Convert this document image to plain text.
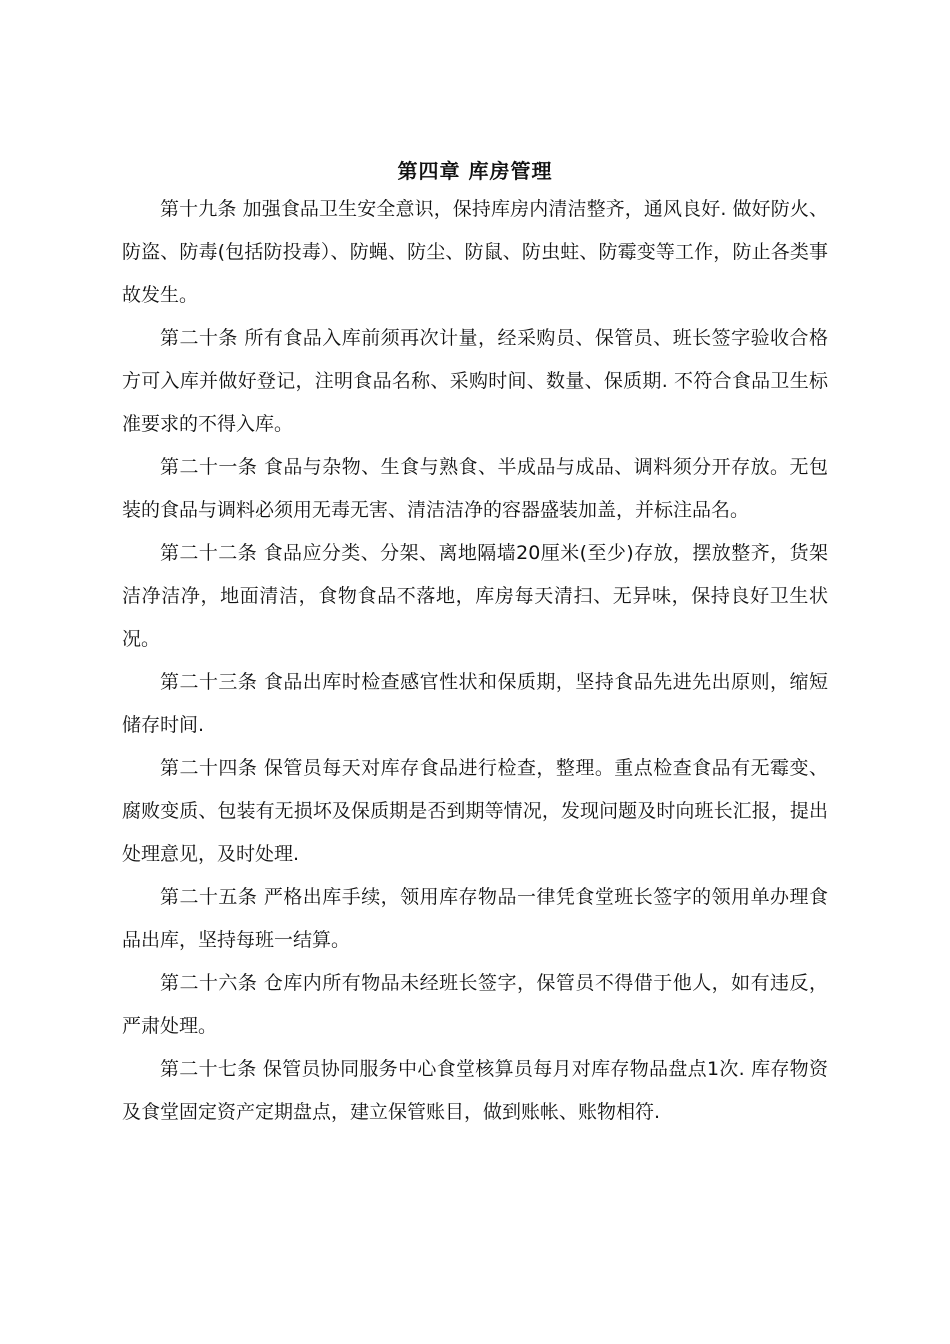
第四章 库房管理

第十九条 加强食品卫生安全意识，保持库房内清洁整齐，通风良好. 做好防火、防盗、防毒(包括防投毒）、防蝇、防尘、防鼠、防虫蛀、防霉变等工作，防止各类事故发生。

第二十条 所有食品入库前须再次计量，经采购员、保管员、班长签字验收合格方可入库并做好登记，注明食品名称、采购时间、数量、保质期. 不符合食品卫生标准要求的不得入库。

第二十一条 食品与杂物、生食与熟食、半成品与成品、调料须分开存放。无包装的食品与调料必须用无毒无害、清洁洁净的容器盛装加盖，并标注品名。

第二十二条 食品应分类、分架、离地隔墙20厘米(至少)存放，摆放整齐，货架洁净洁净，地面清洁，食物食品不落地，库房每天清扫、无异味，保持良好卫生状况。

第二十三条 食品出库时检查感官性状和保质期，坚持食品先进先出原则，缩短储存时间.

第二十四条 保管员每天对库存食品进行检查，整理。重点检查食品有无霉变、腐败变质、包装有无损坏及保质期是否到期等情况，发现问题及时向班长汇报，提出处理意见，及时处理.

第二十五条 严格出库手续，领用库存物品一律凭食堂班长签字的领用单办理食品出库，坚持每班一结算。

第二十六条 仓库内所有物品未经班长签字，保管员不得借于他人，如有违反，严肃处理。

第二十七条 保管员协同服务中心食堂核算员每月对库存物品盘点1次. 库存物资及食堂固定资产定期盘点，建立保管账目，做到账帐、账物相符.
